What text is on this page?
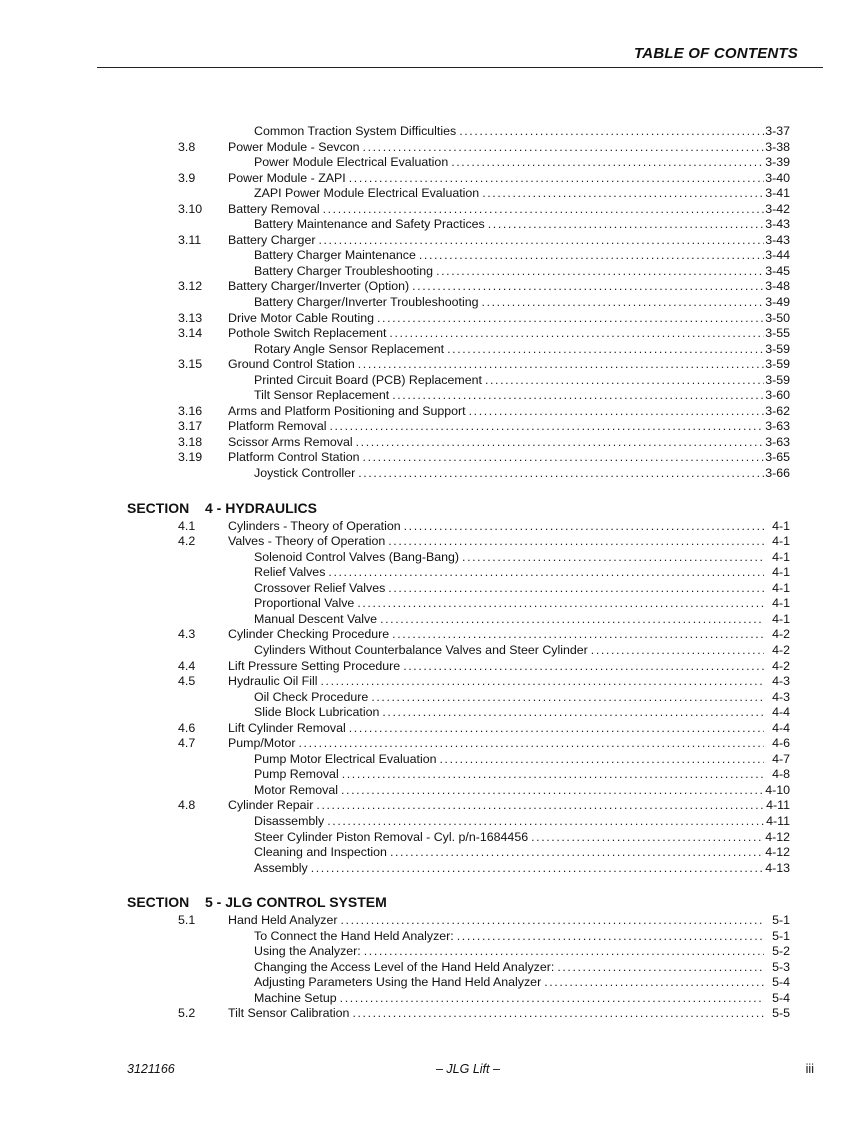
TABLE OF CONTENTS
Common Traction System Difficulties .....	3-37
3.8	Power Module - Sevcon .....	3-38
Power Module Electrical Evaluation .....	3-39
3.9	Power Module - ZAPI .....	3-40
ZAPI Power Module Electrical Evaluation .....	3-41
3.10 Battery Removal .....	3-42
Battery Maintenance and Safety Practices .....	3-43
3.11 Battery Charger .....	3-43
Battery Charger Maintenance .....	3-44
Battery Charger Troubleshooting .....	3-45
3.12 Battery Charger/Inverter (Option) .....	3-48
Battery Charger/Inverter Troubleshooting .....	3-49
3.13 Drive Motor Cable Routing .....	3-50
3.14 Pothole Switch Replacement .....	3-55
Rotary Angle Sensor Replacement .....	3-59
3.15 Ground Control Station .....	3-59
Printed Circuit Board (PCB) Replacement .....	3-59
Tilt Sensor Replacement .....	3-60
3.16 Arms and Platform Positioning and Support .....	3-62
3.17 Platform Removal .....	3-63
3.18 Scissor Arms Removal .....	3-63
3.19 Platform Control Station .....	3-65
Joystick Controller .....	3-66
SECTION 4 - HYDRAULICS
4.1	Cylinders - Theory of Operation .....	4-1
4.2	Valves - Theory of Operation .....	4-1
Solenoid Control Valves (Bang-Bang) .....	4-1
Relief Valves .....	4-1
Crossover Relief Valves .....	4-1
Proportional Valve .....	4-1
Manual Descent Valve .....	4-1
4.3	Cylinder Checking Procedure .....	4-2
Cylinders Without Counterbalance Valves and Steer Cylinder .....	4-2
4.4	Lift Pressure Setting Procedure .....	4-2
4.5	Hydraulic Oil Fill .....	4-3
Oil Check Procedure .....	4-3
Slide Block Lubrication .....	4-4
4.6	Lift Cylinder Removal .....	4-4
4.7	Pump/Motor .....	4-6
Pump Motor Electrical Evaluation .....	4-7
Pump Removal .....	4-8
Motor Removal .....	4-10
4.8	Cylinder Repair .....	4-11
Disassembly .....	4-11
Steer Cylinder Piston Removal - Cyl. p/n-1684456 .....	4-12
Cleaning and Inspection .....	4-12
Assembly .....	4-13
SECTION 5 - JLG CONTROL SYSTEM
5.1	Hand Held Analyzer .....	5-1
To Connect the Hand Held Analyzer: .....	5-1
Using the Analyzer: .....	5-2
Changing the Access Level of the Hand Held Analyzer: .....	5-3
Adjusting Parameters Using the Hand Held Analyzer .....	5-4
Machine Setup .....	5-4
5.2	Tilt Sensor Calibration .....	5-5
3121166	– JLG Lift –	iii
